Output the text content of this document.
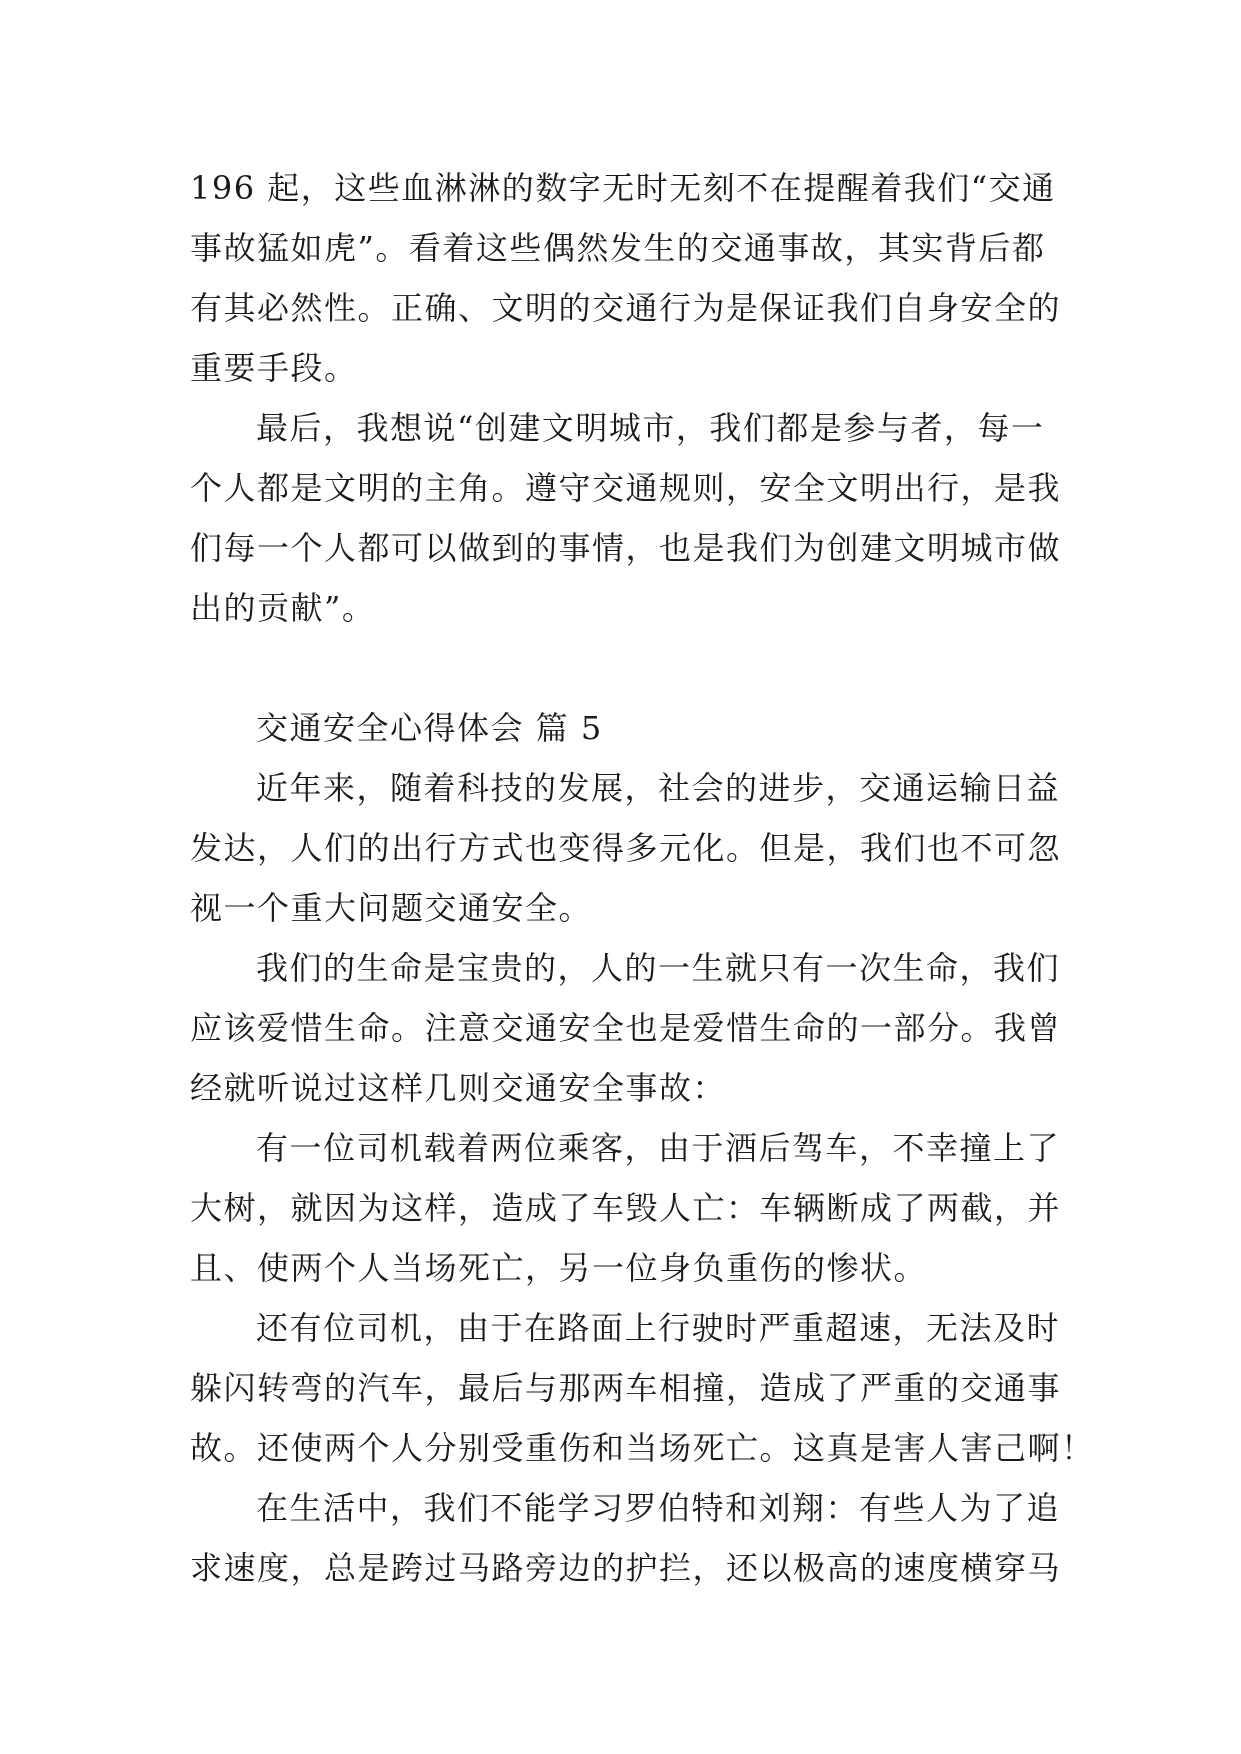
196 起，这些血淋淋的数字无时无刻不在提醒着我们“交通
事故猛如虎”。看着这些偶然发生的交通事故，其实背后都
有其必然性。正确、文明的交通行为是保证我们自身安全的
重要手段。
最后，我想说“创建文明城市，我们都是参与者，每一
个人都是文明的主角。遵守交通规则，安全文明出行，是我
们每一个人都可以做到的事情，也是我们为创建文明城市做
出的贡献”。
交通安全心得体会 篇 5
近年来，随着科技的发展，社会的进步，交通运输日益
发达，人们的出行方式也变得多元化。但是，我们也不可忽
视一个重大问题交通安全。
我们的生命是宝贵的，人的一生就只有一次生命，我们
应该爱惜生命。注意交通安全也是爱惜生命的一部分。我曾
经就听说过这样几则交通安全事故：
有一位司机载着两位乘客，由于酒后驾车，不幸撞上了
大树，就因为这样，造成了车毁人亡：车辆断成了两截，并
且、使两个人当场死亡，另一位身负重伤的惨状。
还有位司机，由于在路面上行驶时严重超速，无法及时
躲闪转弯的汽车，最后与那两车相撞，造成了严重的交通事
故。还使两个人分别受重伤和当场死亡。这真是害人害己啊！
在生活中，我们不能学习罗伯特和刘翔：有些人为了追
求速度，总是跨过马路旁边的护拦，还以极高的速度横穿马
